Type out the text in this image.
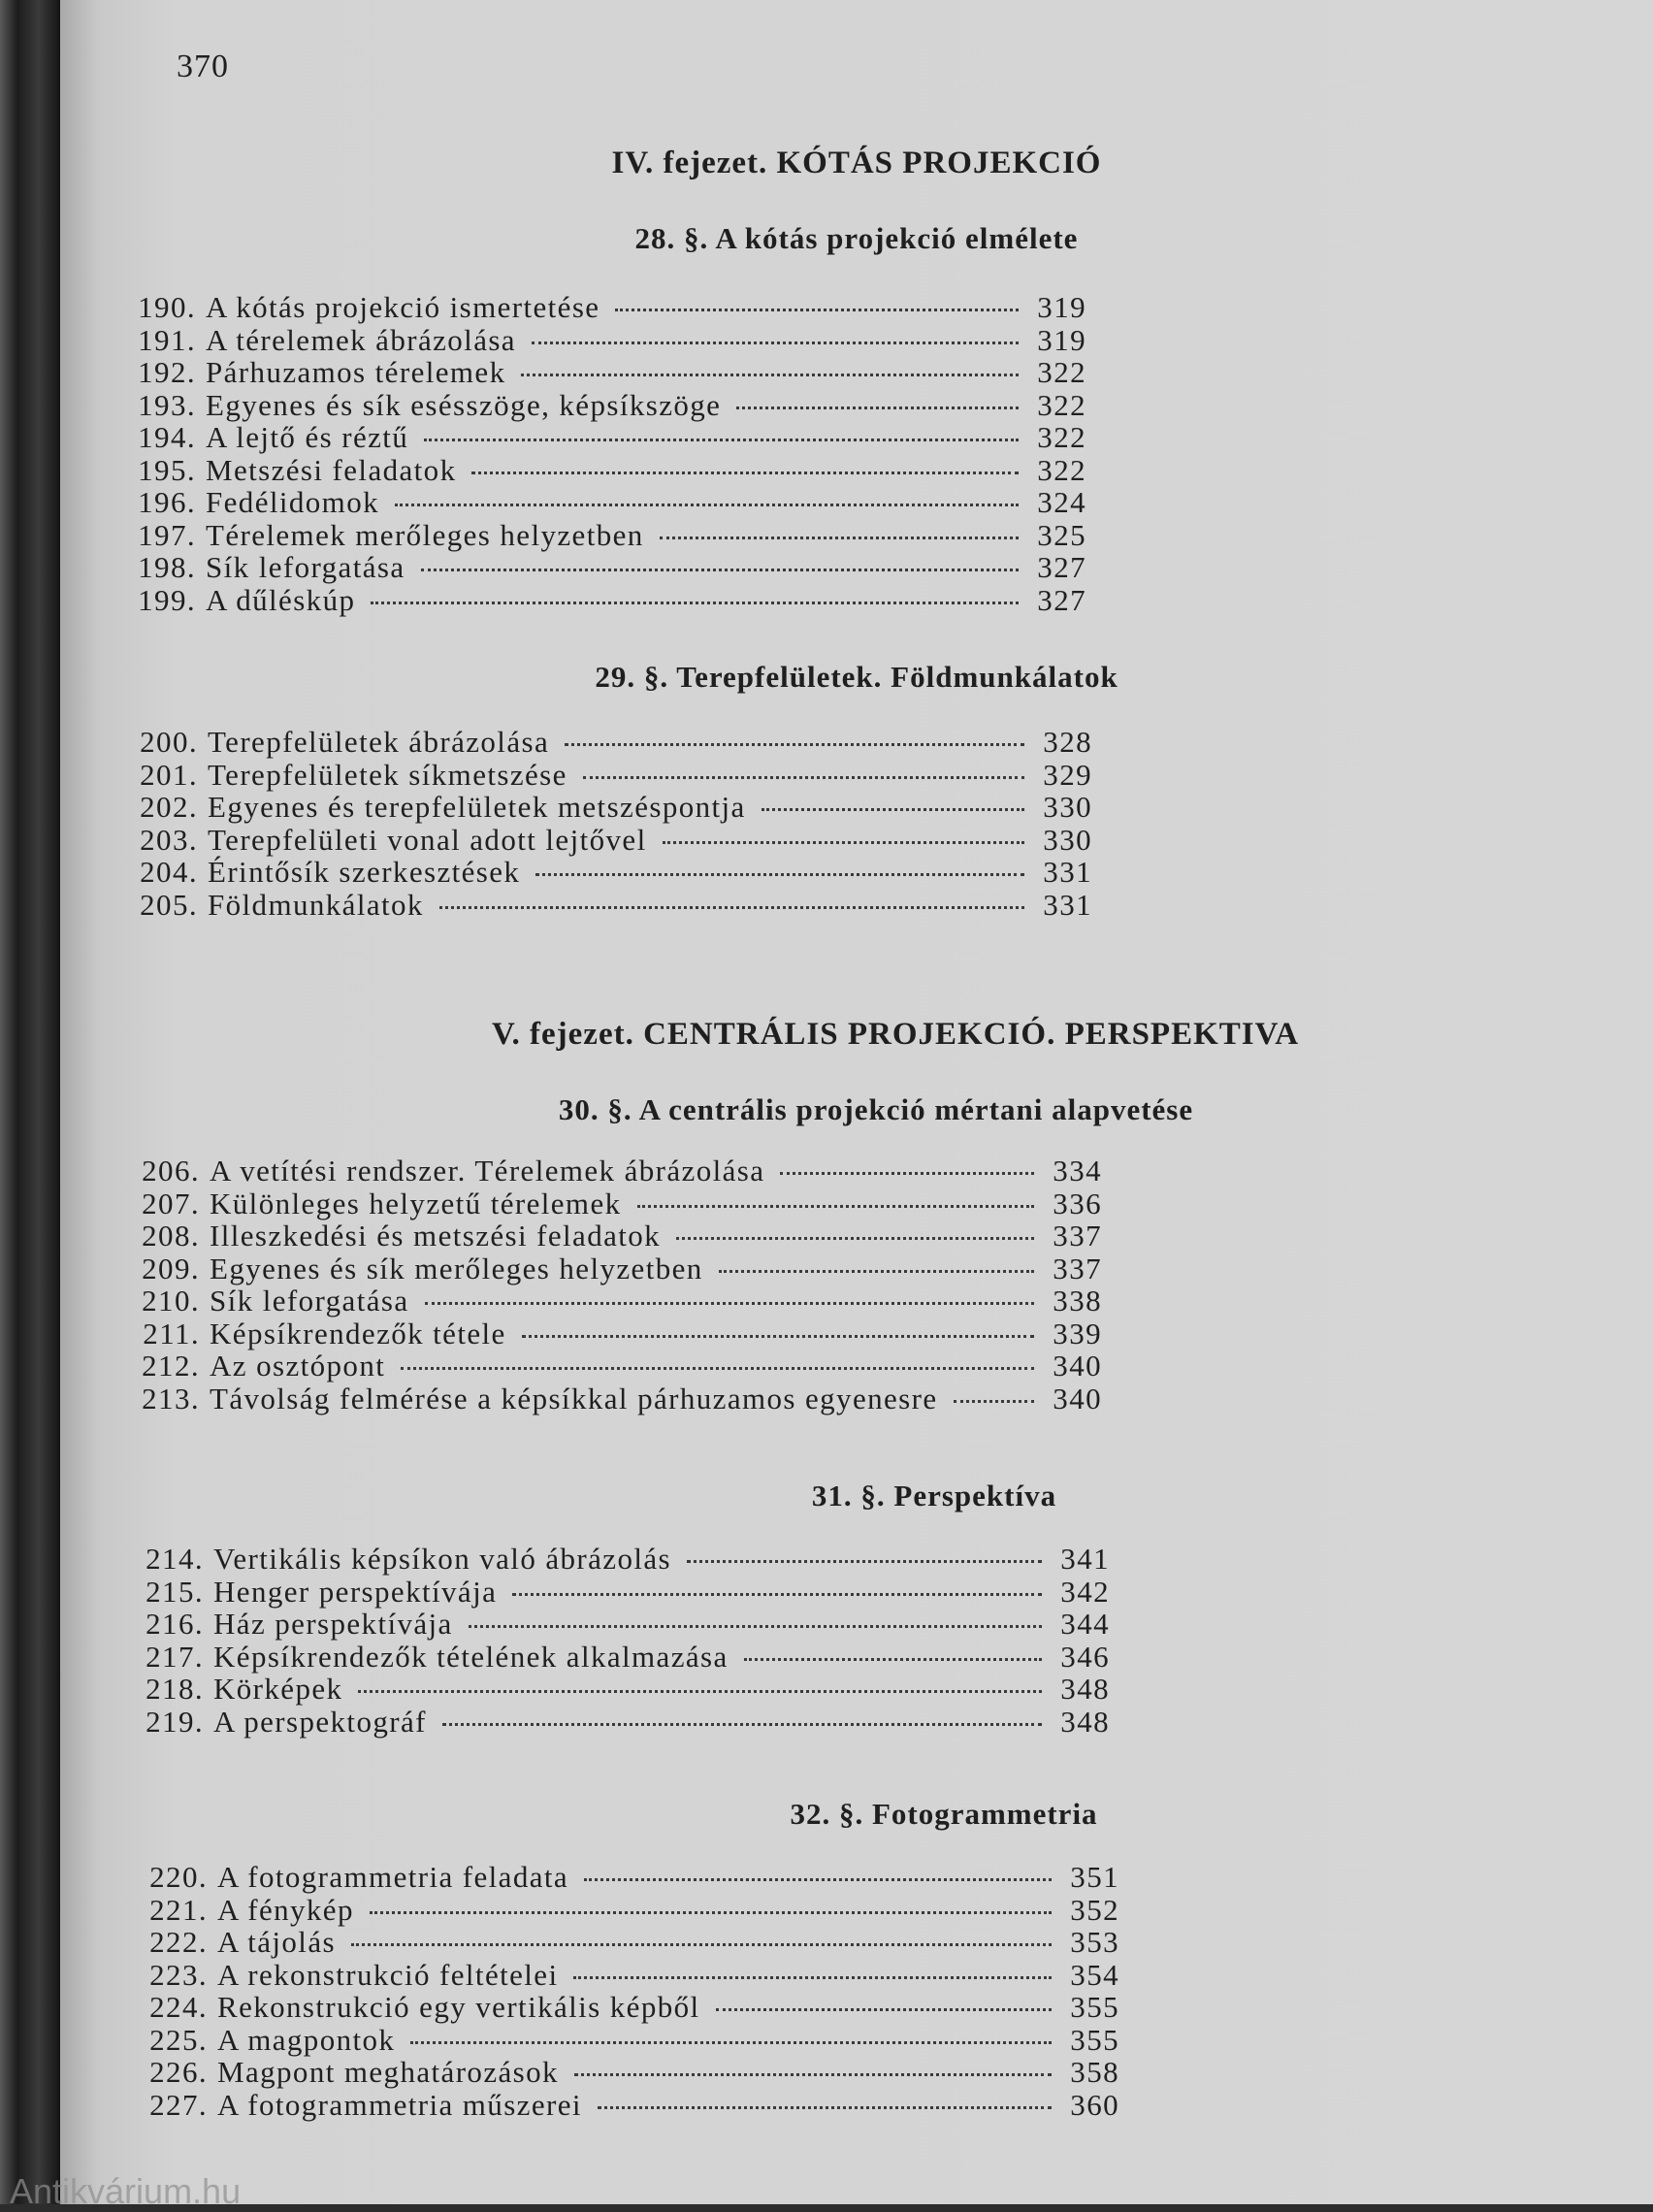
370
IV. fejezet. KÓTÁS PROJEKCIÓ
28. §. A kótás projekció elmélete
190. A kótás projekció ismertetése	319
191. A térelemek ábrázolása	319
192. Párhuzamos térelemek	322
193. Egyenes és sík esésszöge, képsíkszöge	322
194. A lejtő és réztű	322
195. Metszési feladatok	322
196. Fedélidomok	324
197. Térelemek merőleges helyzetben	325
198. Sík leforgatása	327
199. A dűléskúp	327
29. §. Terepfelületek. Földmunkálatok
200. Terepfelületek ábrázolása	328
201. Terepfelületek síkmetszése	329
202. Egyenes és terepfelületek metszéspontja	330
203. Terepfelületi vonal adott lejtővel	330
204. Érintősík szerkesztések	331
205. Földmunkálatok	331
V. fejezet. CENTRÁLIS PROJEKCIÓ. PERSPEKTIVA
30. §. A centrális projekció mértani alapvetése
206. A vetítési rendszer. Térelemek ábrázolása	334
207. Különleges helyzetű térelemek	336
208. Illeszkedési és metszési feladatok	337
209. Egyenes és sík merőleges helyzetben	337
210. Sík leforgatása	338
211. Képsíkrendezők tétele	339
212. Az osztópont	340
213. Távolság felmérése a képsíkkal párhuzamos egyenesre	340
31. §. Perspektíva
214. Vertikális képsíkon való ábrázolás	341
215. Henger perspektívája	342
216. Ház perspektívája	344
217. Képsíkrendezők tételének alkalmazása	346
218. Körképek	348
219. A perspektográf	348
32. §. Fotogrammetria
220. A fotogrammetria feladata	351
221. A fénykép	352
222. A tájolás	353
223. A rekonstrukció feltételei	354
224. Rekonstrukció egy vertikális képből	355
225. A magpontok	355
226. Magpont meghatározások	358
227. A fotogrammetria műszerei	360
Antikvárium.hu
